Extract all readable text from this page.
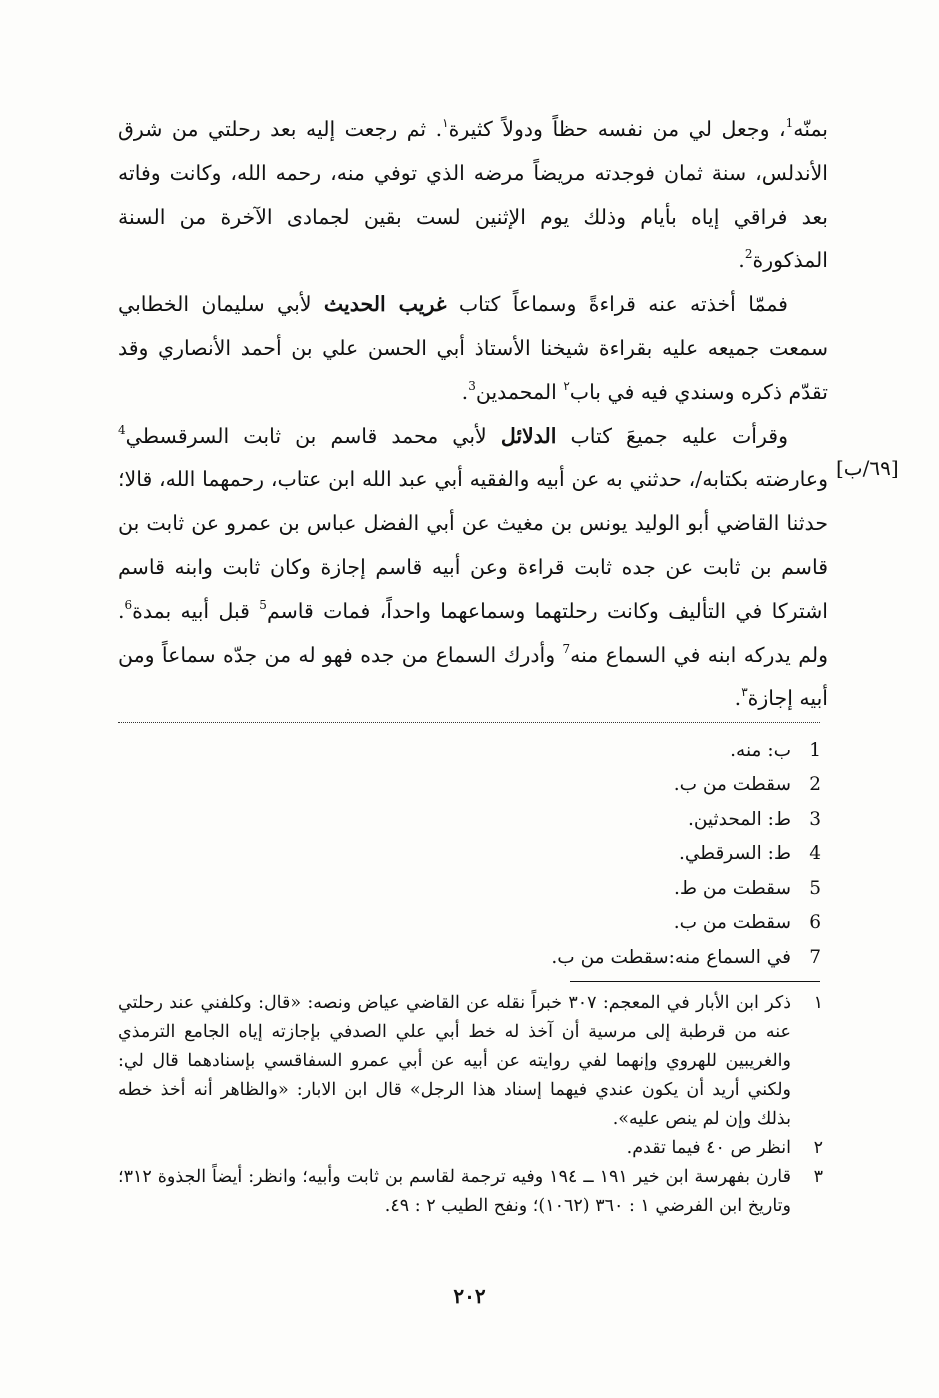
بمنّه$^1$، وجعل لي من نفسه حظاً ودولاً كثيرة$^١$. ثم رجعت إليه بعد رحلتي من شرق الأندلس، سنة ثمان فوجدته مريضاً مرضه الذي توفي منه، رحمه الله، وكانت وفاته بعد فراقي إياه بأيام وذلك يوم الإثنين لست بقين لجمادى الآخرة من السنة المذكورة$^2$.

فممّا أخذته عنه قراءةً وسماعاً كتاب غريب الحديث لأبي سليمان الخطابي سمعت جميعه عليه بقراءة شيخنا الأستاذ أبي الحسن علي بن أحمد الأنصاري وقد تقدّم ذكره وسندي فيه في باب$^٢$ المحمدين$^3$.

وقرأت عليه جميعَ كتاب الدلائل لأبي محمد قاسم بن ثابت السرقسطي$^4$ وعارضته بكتابه/، حدثني به عن أبيه والفقيه أبي عبد الله ابن عتاب، رحمهما الله، قالا؛ حدثنا القاضي أبو الوليد يونس بن مغيث عن أبي الفضل عباس بن عمرو عن ثابت بن قاسم بن ثابت عن جده ثابت قراءة وعن أبيه قاسم إجازة وكان ثابت وابنه قاسم اشتركا في التأليف وكانت رحلتهما وسماعهما واحداً، فمات قاسم$^5$ قبل أبيه بمدة$^6$. ولم يدركه ابنه في السماع منه$^7$ وأدرك السماع من جده فهو له من جدّه سماعاً ومن أبيه إجازة$^٣$.

[٦٩/ب]
1
ب: منه.
2
سقطت من ب.
3
ط: المحدثين.
4
ط: السرقطي.
5
سقطت من ط.
6
سقطت من ب.
7
في السماع منه:سقطت من ب.
١
ذكر ابن الأبار في المعجم: ٣٠٧ خبراً نقله عن القاضي عياض ونصه: «قال: وكلفني عند رحلتي عنه من قرطبة إلى مرسية أن آخذ له خط أبي علي الصدفي بإجازته إياه الجامع الترمذي والغريبين للهروي وإنهما لفي روايته عن أبيه عن أبي عمرو السفاقسي بإسنادهما قال لي: ولكني أريد أن يكون عندي فيهما إسناد هذا الرجل» قال ابن الابار: «والظاهر أنه أخذ خطه بذلك وإن لم ينص عليه».
٢
انظر ص ٤٠ فيما تقدم.
٣
قارن بفهرسة ابن خير ١٩١ ــ ١٩٤ وفيه ترجمة لقاسم بن ثابت وأبيه؛ وانظر: أيضاً الجذوة ٣١٢؛ وتاريخ ابن الفرضي ١ : ٣٦٠ (١٠٦٢)؛ ونفح الطيب ٢ : ٤٩.
٢٠٢
